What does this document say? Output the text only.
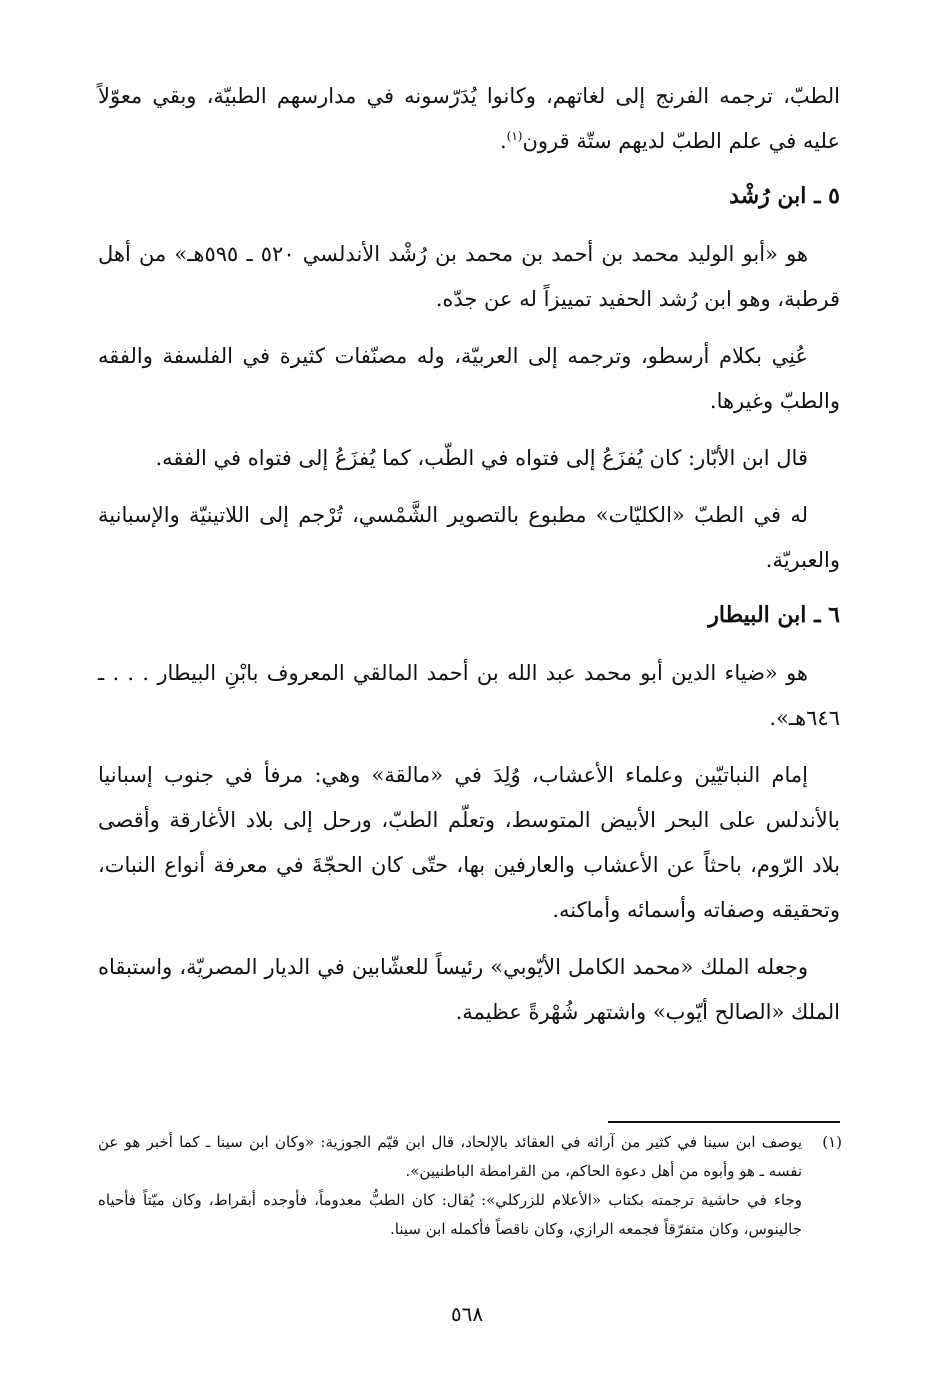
الطبّ، ترجمه الفرنج إلى لغاتهم، وكانوا يُدَرّسونه في مدارسهم الطبيّة، وبقي معوّلاً عليه في علم الطبّ لديهم ستّة قرون$^{(١)}$.

٥ ـ ابن رُشْد

هو «أبو الوليد محمد بن أحمد بن محمد بن رُشْد الأندلسي ٥٢٠ ـ ٥٩٥هـ» من أهل قرطبة، وهو ابن رُشد الحفيد تمييزاً له عن جدّه.

عُنِي بكلام أرسطو، وترجمه إلى العربيّة، وله مصنّفات كثيرة في الفلسفة والفقه والطبّ وغيرها.

قال ابن الأبّار: كان يُفزَعُ إلى فتواه في الطّب، كما يُفزَعُ إلى فتواه في الفقه.

له في الطبّ «الكليّات» مطبوع بالتصوير الشَّمْسي، تُرْجم إلى اللاتينيّة والإسبانية والعبريّة.

٦ ـ ابن البيطار

هو «ضياء الدين أبو محمد عبد الله بن أحمد المالقي المعروف بابْنِ البيطار . . . ـ ٦٤٦هـ».

إمام النباتيّين وعلماء الأعشاب، وُلِدَ في «مالقة» وهي: مرفأ في جنوب إسبانيا بالأندلس على البحر الأبيض المتوسط، وتعلّم الطبّ، ورحل إلى بلاد الأغارقة وأقصى بلاد الرّوم، باحثاً عن الأعشاب والعارفين بها، حتّى كان الحجّةَ في معرفة أنواع النبات، وتحقيقه وصفاته وأسمائه وأماكنه.

وجعله الملك «محمد الكامل الأيّوبي» رئيساً للعشّابين في الديار المصريّة، واستبقاه الملك «الصالح أيّوب» واشتهر شُهْرةً عظيمة.

(١)
يوصف ابن سينا في كثير من آرائه في العقائد بالإلحاد، قال ابن قيّم الجوزية: «وكان ابن سينا ـ كما أخبر هو عن نفسه ـ هو وأبوه من أهل دعوة الحاكم، من القرامطة الباطنيين».
وجاء في حاشية ترجمته بكتاب «الأعلام للزركلي»: يُقال: كان الطبُّ معدوماً، فأوجده أبقراط، وكان ميّتاً فأحياه جالينوس، وكان متفرّقاً فجمعه الرازي، وكان ناقصاً فأكمله ابن سينا.
٥٦٨
